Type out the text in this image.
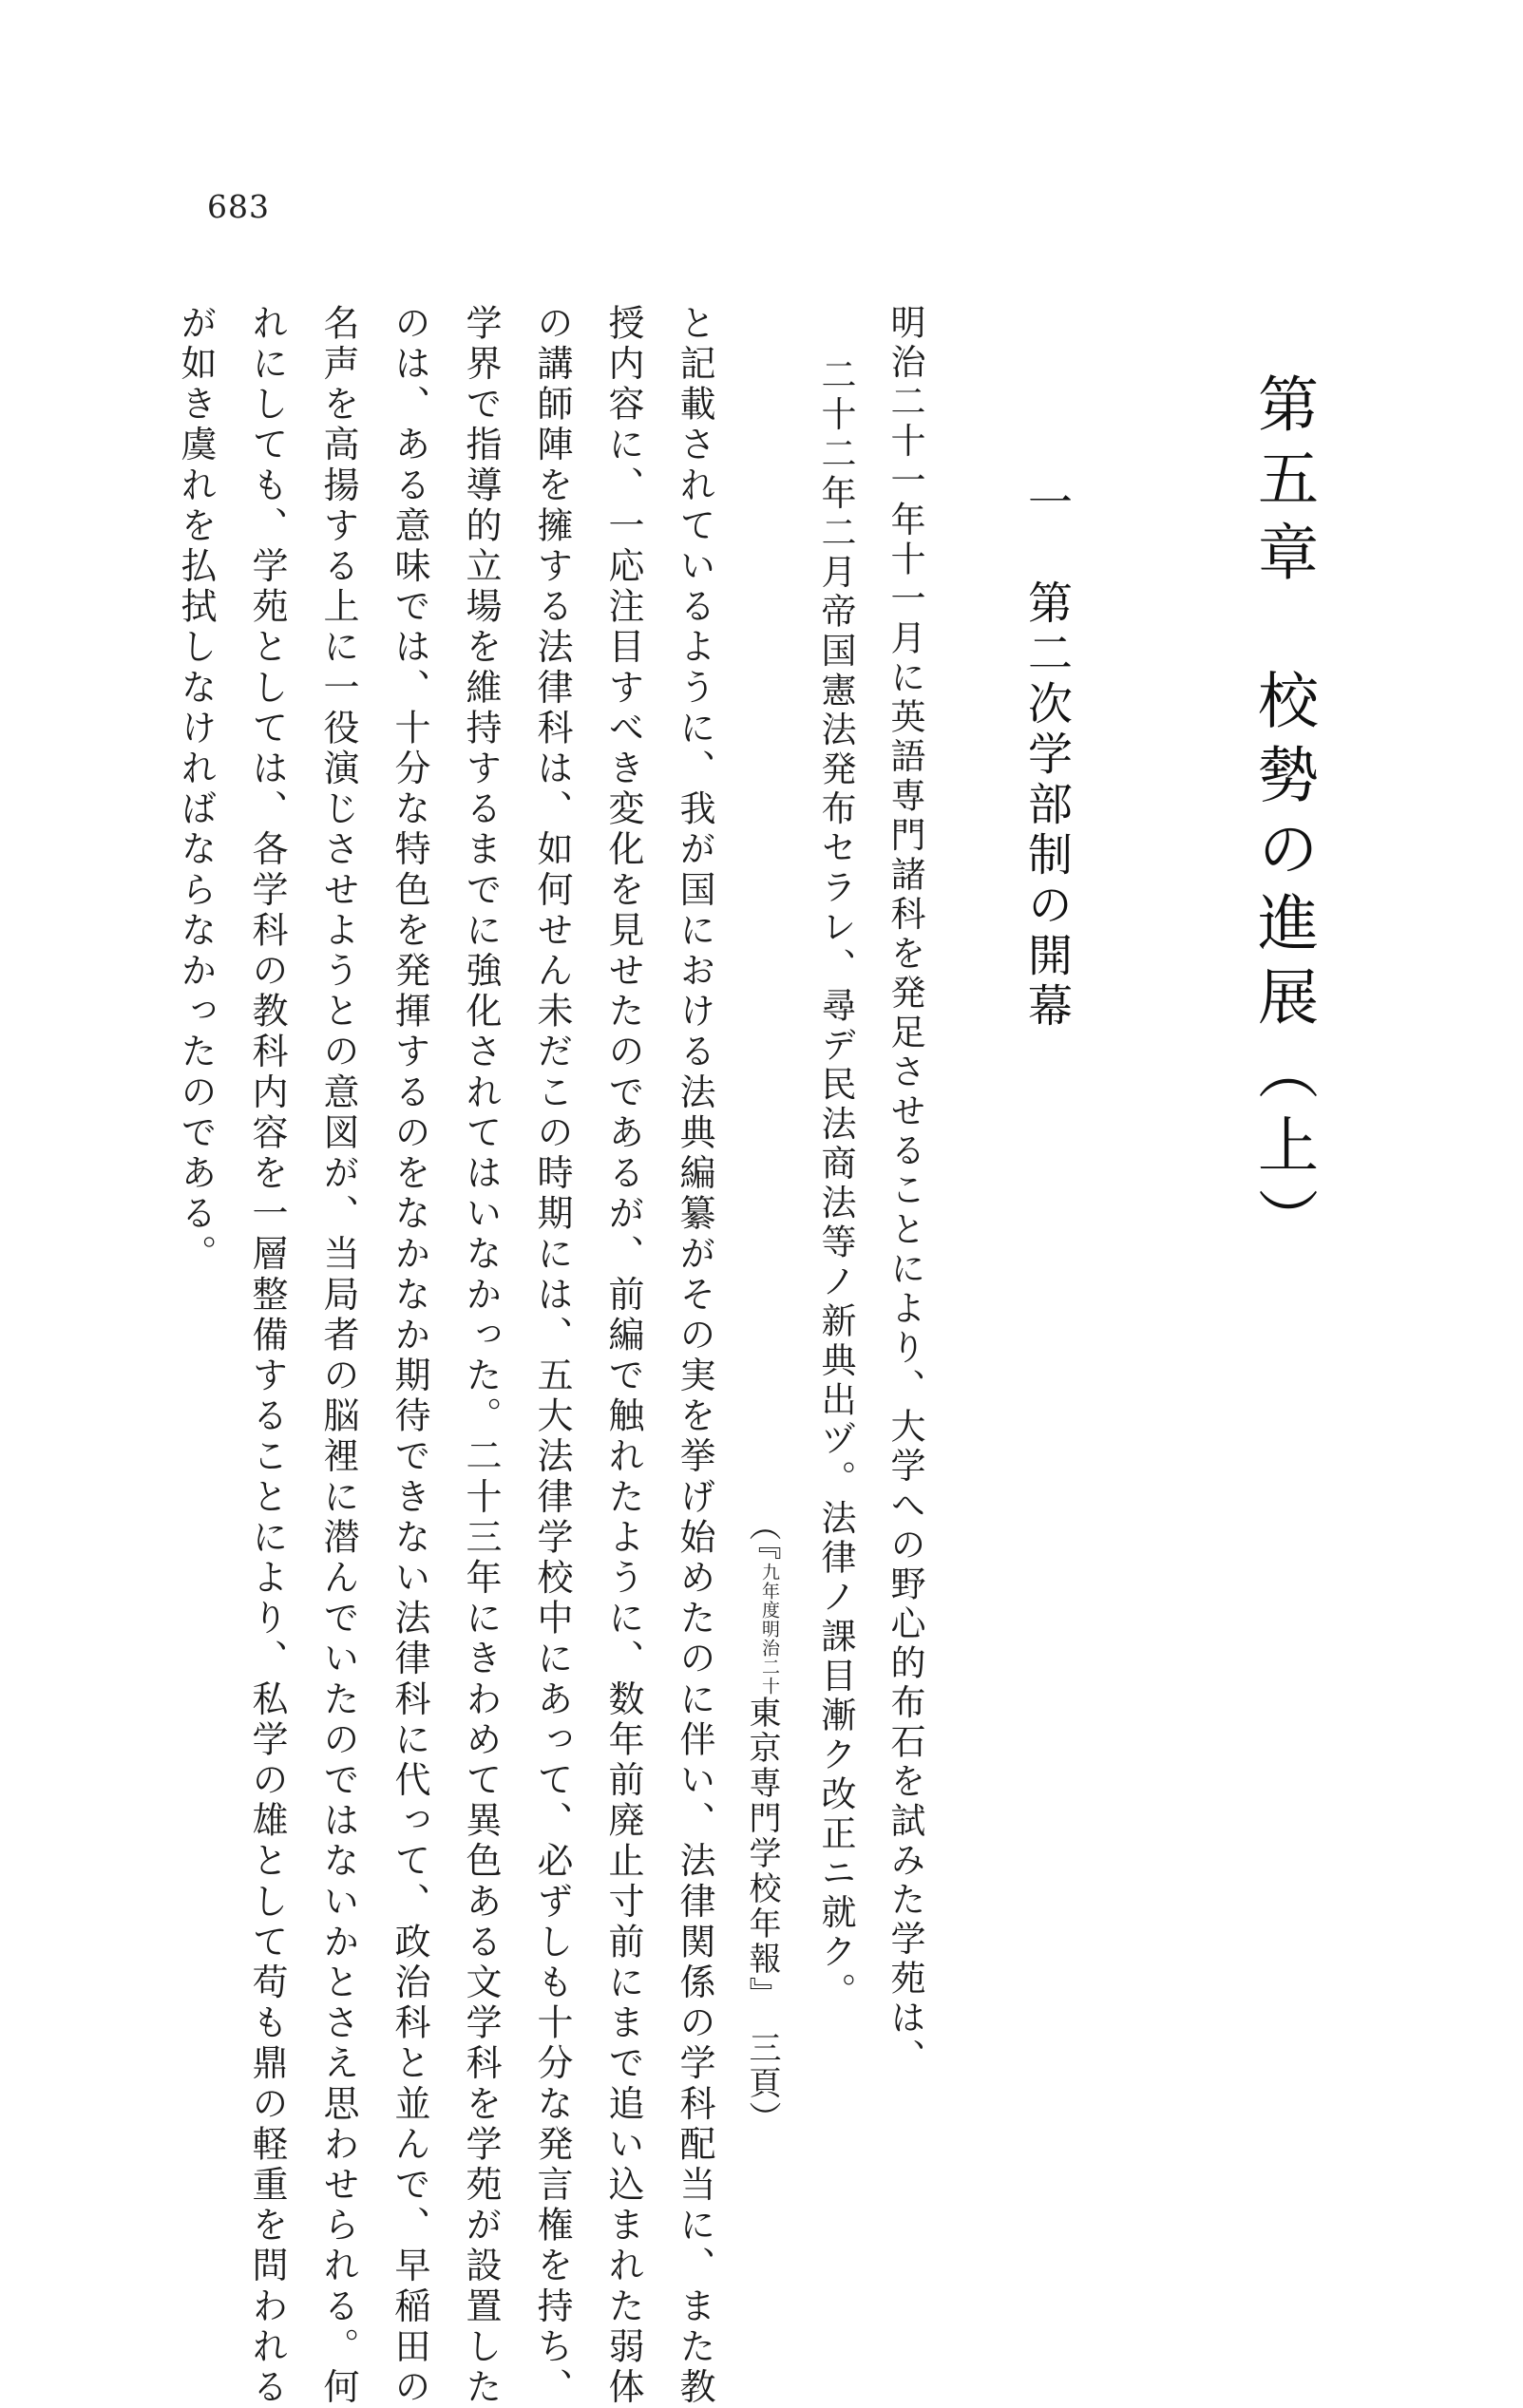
683
第五章　校勢の進展（上）
一　第二次学部制の開幕
明治二十一年十一月に英語専門諸科を発足させることにより、大学への野心的布石を試みた学苑は、
二十二年二月帝国憲法発布セラレ、尋デ民法商法等ノ新典出ヅ。法律ノ課目漸ク改正ニ就ク。
（『
明治二十
九年度
東京専門学校年報』　三頁）
と記載されているように、我が国における法典編纂がその実を挙げ始めたのに伴い、法律関係の学科配当に、また教
授内容に、一応注目すべき変化を見せたのであるが、前編で触れたように、数年前廃止寸前にまで追い込まれた弱体
の講師陣を擁する法律科は、如何せん未だこの時期には、五大法律学校中にあって、必ずしも十分な発言権を持ち、
学界で指導的立場を維持するまでに強化されてはいなかった。二十三年にきわめて異色ある文学科を学苑が設置した
のは、ある意味では、十分な特色を発揮するのをなかなか期待できない法律科に代って、政治科と並んで、早稲田の
名声を高揚する上に一役演じさせようとの意図が、当局者の脳裡に潜んでいたのではないかとさえ思わせられる。何
れにしても、学苑としては、各学科の教科内容を一層整備することにより、私学の雄として苟も鼎の軽重を問われる
が如き虞れを払拭しなければならなかったのである。
